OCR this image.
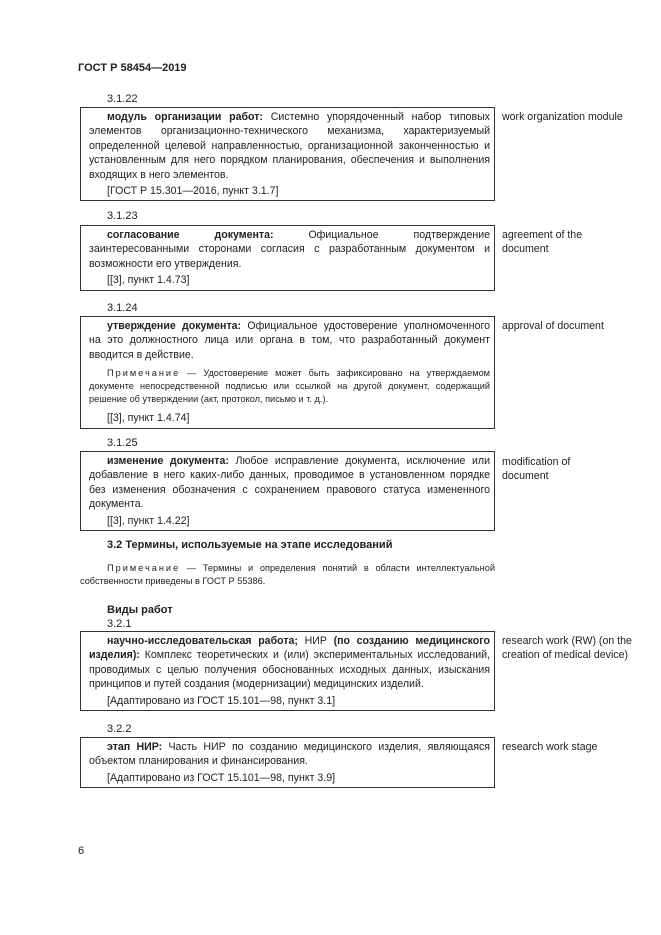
ГОСТ Р 58454—2019
3.1.22

модуль организации работ: Системно упорядоченный набор типовых элементов организационно-технического механизма, характеризуемый определенной целевой направленностью, организационной законченностью и установленным для него порядком планирования, обеспечения и выполнения входящих в него элементов.

[ГОСТ Р 15.301—2016, пункт 3.1.7]

work organization module
3.1.23

согласование документа: Официальное подтверждение заинтересованными сторонами согласия с разработанным документом и возможности его утверждения.

[[3], пункт 1.4.73]

agreement of the document
3.1.24

утверждение документа: Официальное удостоверение уполномоченного на это должностного лица или органа в том, что разработанный документ вводится в действие.

Примечание — Удостоверение может быть зафиксировано на утверждаемом документе непосредственной подписью или ссылкой на другой документ, содержащий решение об утверждении (акт, протокол, письмо и т. д.).

[[3], пункт 1.4.74]

approval of document
3.1.25

изменение документа: Любое исправление документа, исключение или добавление в него каких-либо данных, проводимое в установленном порядке без изменения обозначения с сохранением правового статуса измененного документа.

[[3], пункт 1.4.22]

modification of document
3.2 Термины, используемые на этапе исследований
Примечание — Термины и определения понятий в области интеллектуальной собственности приведены в ГОСТ Р 55386.
Виды работ
3.2.1

научно-исследовательская работа; НИР (по созданию медицинского изделия): Комплекс теоретических и (или) экспериментальных исследований, проводимых с целью получения обоснованных исходных данных, изыскания принципов и путей создания (модернизации) медицинских изделий.

[Адаптировано из ГОСТ 15.101—98, пункт 3.1]

research work (RW) (on the creation of medical device)
3.2.2

этап НИР: Часть НИР по созданию медицинского изделия, являющаяся объектом планирования и финансирования.

[Адаптировано из ГОСТ 15.101—98, пункт 3.9]

research work stage
6
